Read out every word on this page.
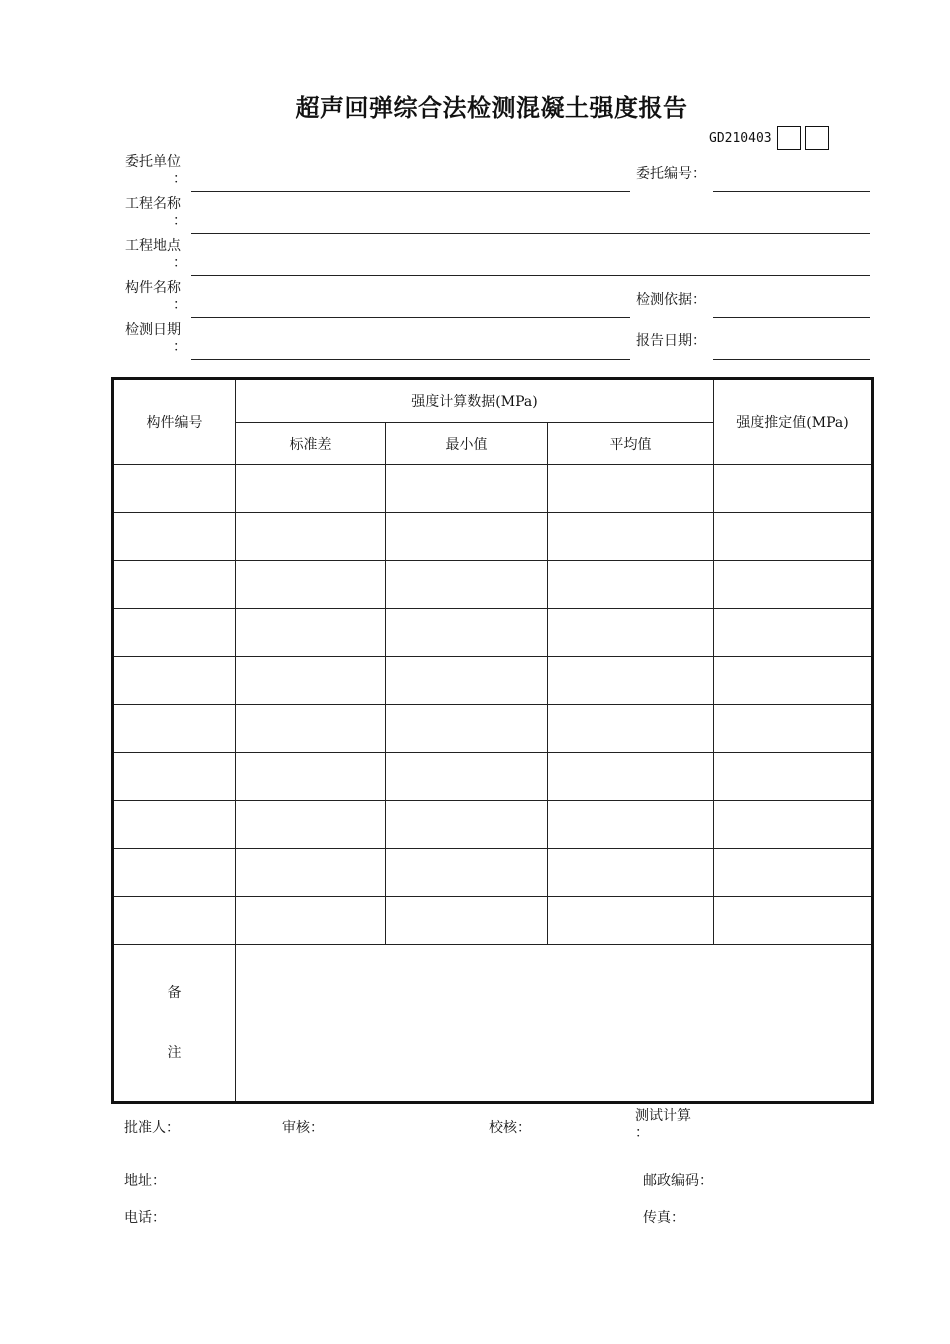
超声回弹综合法检测混凝土强度报告
GD210403
委托单位
：	委托编号：
工程名称
：
工程地点
：
构件名称
：	检测依据：
检测日期
：	报告日期：
构件编号	强度计算数据(MPa)			强度推定值(MPa)
	标准差	最小值	平均值	

备
注				

批准人：	审核：	校核：
测试计算
：
地址：	邮政编码：
电话：	传真：
